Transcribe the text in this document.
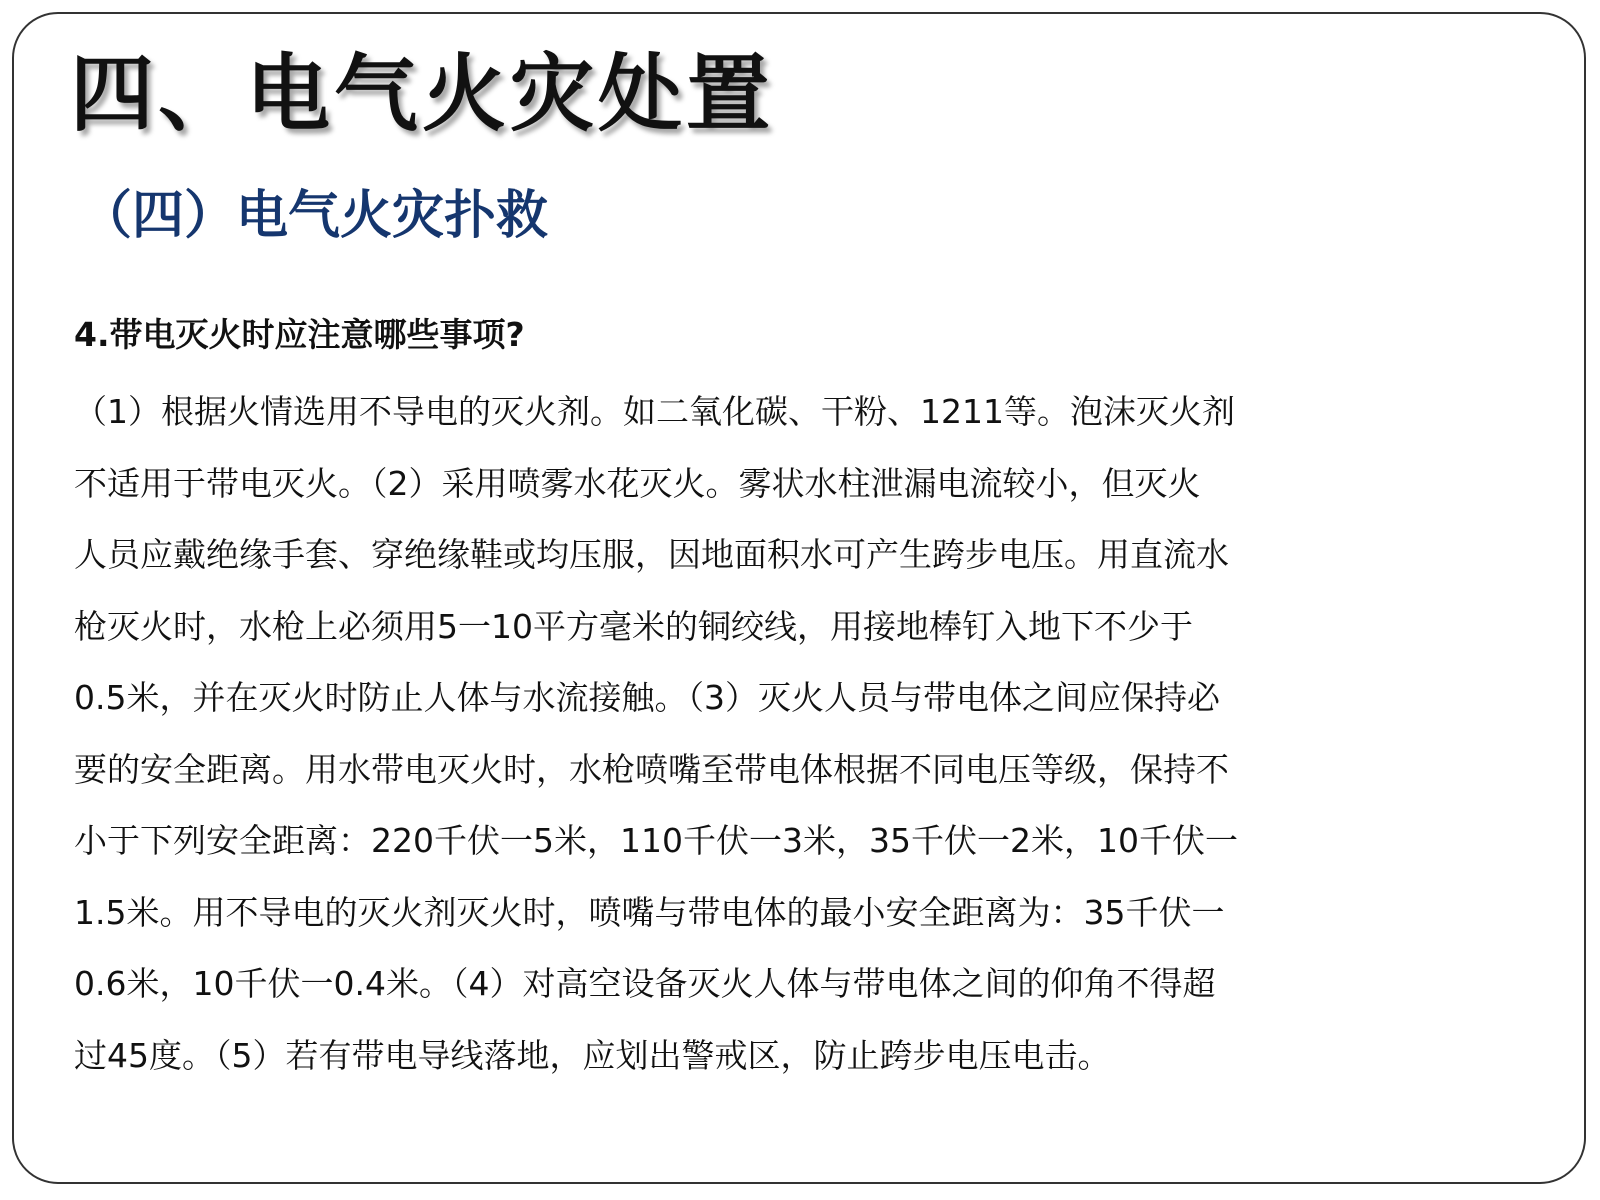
四、电气火灾处置
（四）电气火灾扑救

4.带电灭火时应注意哪些事项?

（1）根据火情选用不导电的灭火剂。如二氧化碳、干粉、1211等。泡沫灭火剂
不适用于带电灭火。（2）采用喷雾水花灭火。雾状水柱泄漏电流较小，但灭火
人员应戴绝缘手套、穿绝缘鞋或均压服，因地面积水可产生跨步电压。用直流水
枪灭火时，水枪上必须用5一10平方毫米的铜绞线，用接地棒钉入地下不少于
0.5米，并在灭火时防止人体与水流接触。（3）灭火人员与带电体之间应保持必
要的安全距离。用水带电灭火时，水枪喷嘴至带电体根据不同电压等级，保持不
小于下列安全距离：220千伏一5米，110千伏一3米，35千伏一2米，10千伏一
1.5米。用不导电的灭火剂灭火时，喷嘴与带电体的最小安全距离为：35千伏一
0.6米，10千伏一0.4米。（4）对高空设备灭火人体与带电体之间的仰角不得超
过45度。（5）若有带电导线落地，应划出警戒区，防止跨步电压电击。
